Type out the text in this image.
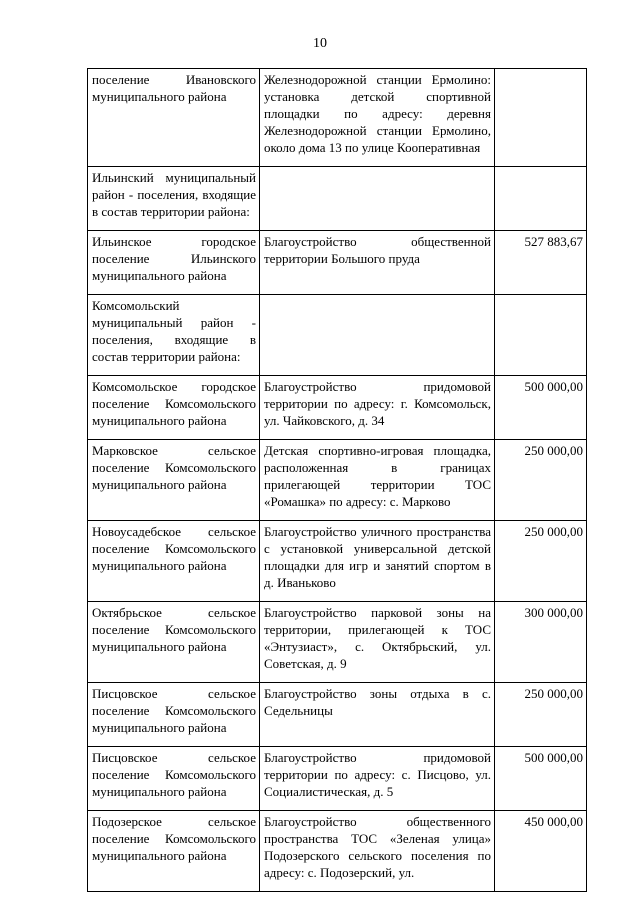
10
поселение Ивановского муниципального района	Железнодорожной станции Ермолино: установка детской спортивной площадки по адресу: деревня Железнодорожной станции Ермолино, около дома 13 по улице Кооперативная	
Ильинский муниципальный район - поселения, входящие в состав территории района:		
Ильинское городское поселение Ильинского муниципального района	Благоустройство общественной территории Большого пруда	527 883,67
Комсомольский муниципальный район - поселения, входящие в состав территории района:		
Комсомольское городское поселение Комсомольского муниципального района	Благоустройство придомовой территории по адресу: г. Комсомольск, ул. Чайковского, д. 34	500 000,00
Марковское сельское поселение Комсомольского муниципального района	Детская спортивно-игровая площадка, расположенная в границах прилегающей территории ТОС «Ромашка» по адресу: с. Марково	250 000,00
Новоусадебское сельское поселение Комсомольского муниципального района	Благоустройство уличного пространства с установкой универсальной детской площадки для игр и занятий спортом в д. Иваньково	250 000,00
Октябрьское сельское поселение Комсомольского муниципального района	Благоустройство парковой зоны на территории, прилегающей к ТОС «Энтузиаст», с. Октябрьский, ул. Советская, д. 9	300 000,00
Писцовское сельское поселение Комсомольского муниципального района	Благоустройство зоны отдыха в с. Седельницы	250 000,00
Писцовское сельское поселение Комсомольского муниципального района	Благоустройство придомовой территории по адресу: с. Писцово, ул. Социалистическая, д. 5	500 000,00
Подозерское сельское поселение Комсомольского муниципального района	Благоустройство общественного пространства ТОС «Зеленая улица» Подозерского сельского поселения по адресу: с. Подозерский, ул.	450 000,00
